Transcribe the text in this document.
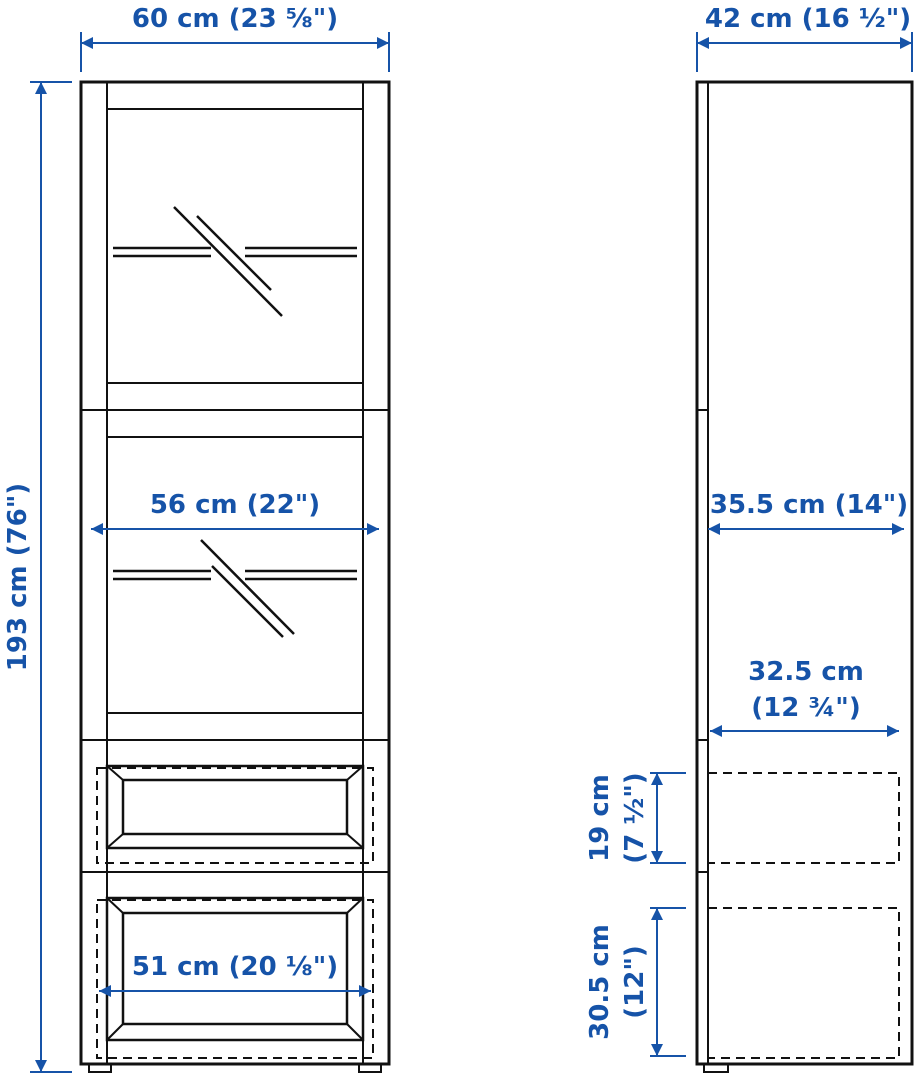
60 cm (23 ⅝")
193 cm (76")	56 cm (22")
51 cm (20 ⅛")
42 cm (16 ½")
35.5 cm (14")
32.5 cm
(12 ¾")
19 cm (7 ½")
30.5 cm (12")
